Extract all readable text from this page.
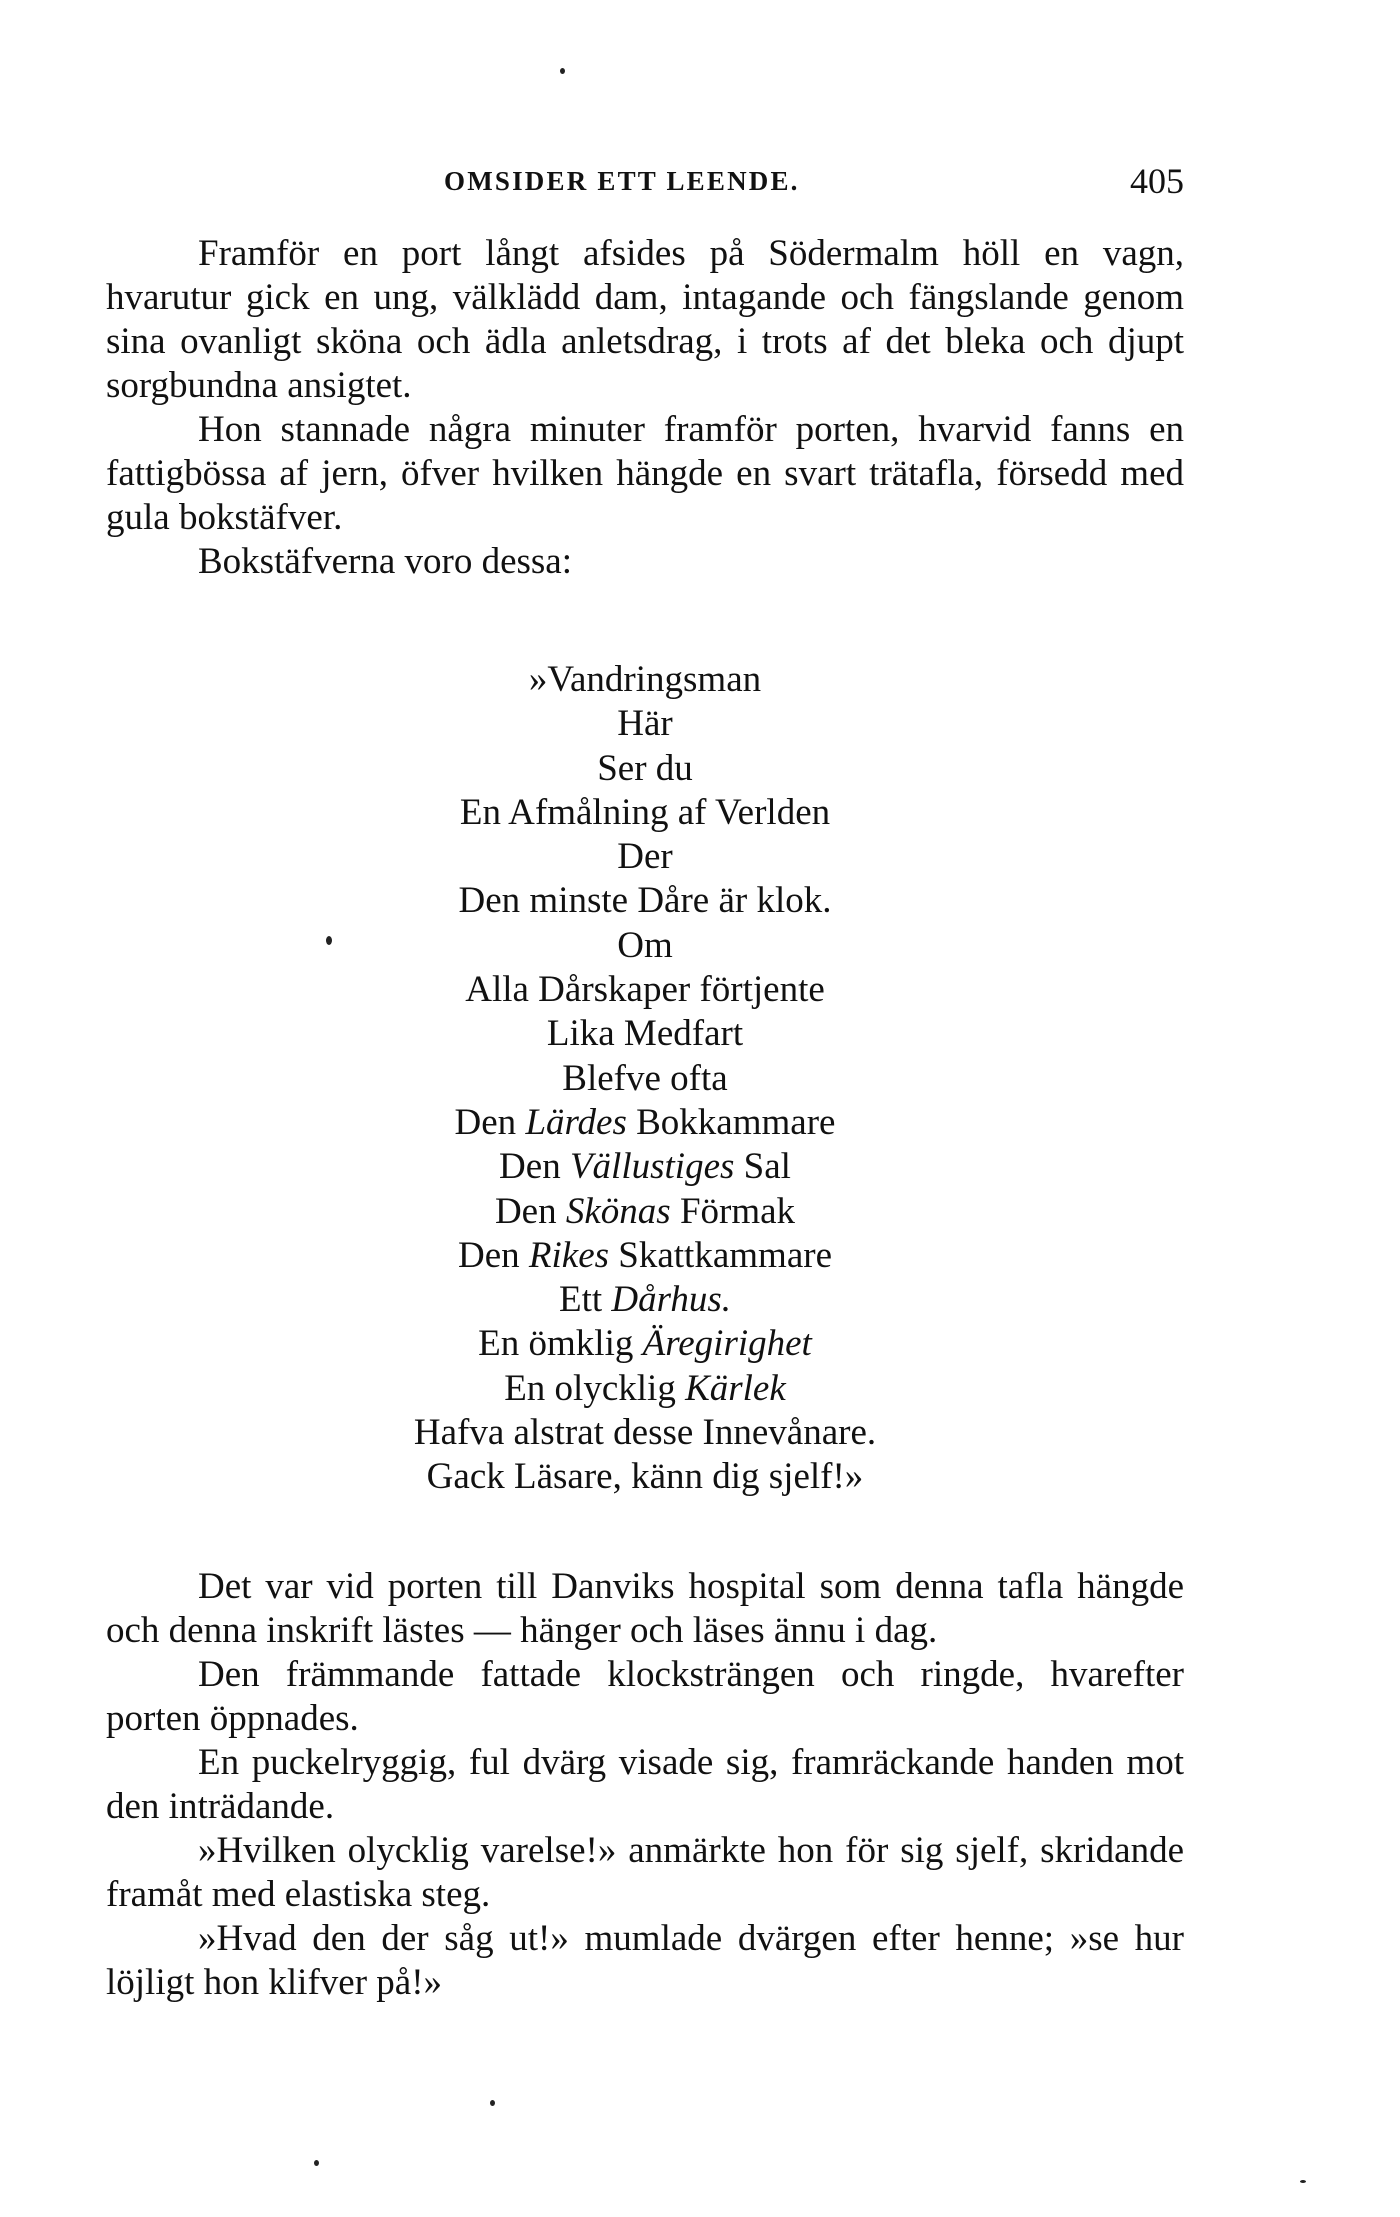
OMSIDER ETT LEENDE.	405

Framför en port långt afsides på Södermalm höll en vagn, hvarutur gick en ung, välklädd dam, intagande och fängslande genom sina ovanligt sköna och ädla anletsdrag, i trots af det bleka och djupt sorgbundna ansigtet.

Hon stannade några minuter framför porten, hvarvid fanns en fattigbössa af jern, öfver hvilken hängde en svart trätafla, försedd med gula bokstäfver.

Bokstäfverna voro dessa:

»Vandringsman
Här
Ser du
En Afmålning af Verlden
Der
Den minste Dåre är klok.
Om
Alla Dårskaper förtjente
Lika Medfart
Blefve ofta
Den Lärdes Bokkammare
Den Vällustiges Sal
Den Skönas Förmak
Den Rikes Skattkammare
Ett Dårhus.
En ömklig Äregirighet
En olycklig Kärlek
Hafva alstrat desse Innevånare.
Gack Läsare, känn dig sjelf!»

Det var vid porten till Danviks hospital som denna tafla hängde och denna inskrift lästes — hänger och läses ännu i dag.

Den främmande fattade klocksträngen och ringde, hvarefter porten öppnades.

En puckelryggig, ful dvärg visade sig, framräckande handen mot den inträdande.

»Hvilken olycklig varelse!» anmärkte hon för sig sjelf, skridande framåt med elastiska steg.

»Hvad den der såg ut!» mumlade dvärgen efter henne; »se hur löjligt hon klifver på!»
